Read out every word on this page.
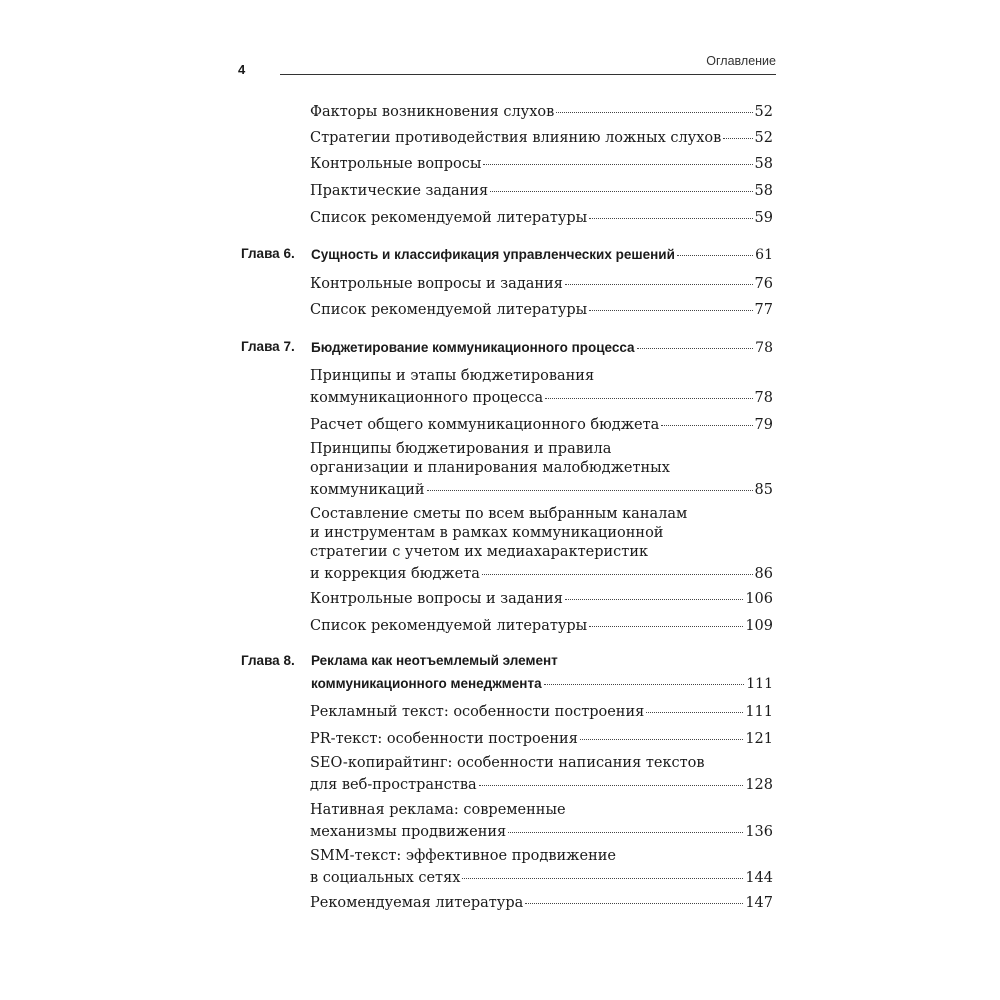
4
Оглавление
Факторы возникновения слухов	52
Стратегии противодействия влиянию ложных слухов 52
Контрольные вопросы	58
Практические задания	58
Список рекомендуемой литературы	59
Глава 6. Сущность и классификация управленческих решений	61
Контрольные вопросы и задания	76
Список рекомендуемой литературы	77
Глава 7. Бюджетирование коммуникационного процесса	78
Принципы и этапы бюджетирования
коммуникационного процесса	78
Расчет общего коммуникационного бюджета	79
Принципы бюджетирования и правила
организации и планирования малобюджетных
коммуникаций	85
Составление сметы по всем выбранным каналам
и инструментам в рамках коммуникационной
стратегии с учетом их медиахарактеристик
и коррекция бюджета	86
Контрольные вопросы и задания	106
Список рекомендуемой литературы	109
Глава 8. Реклама как неотъемлемый элемент
коммуникационного менеджмента	111
Рекламный текст: особенности построения	111
PR-текст: особенности построения	121
SEO-копирайтинг: особенности написания текстов
для веб-пространства	128
Нативная реклама: современные
механизмы продвижения	136
SMM-текст: эффективное продвижение
в социальных сетях	144
Рекомендуемая литература	147
